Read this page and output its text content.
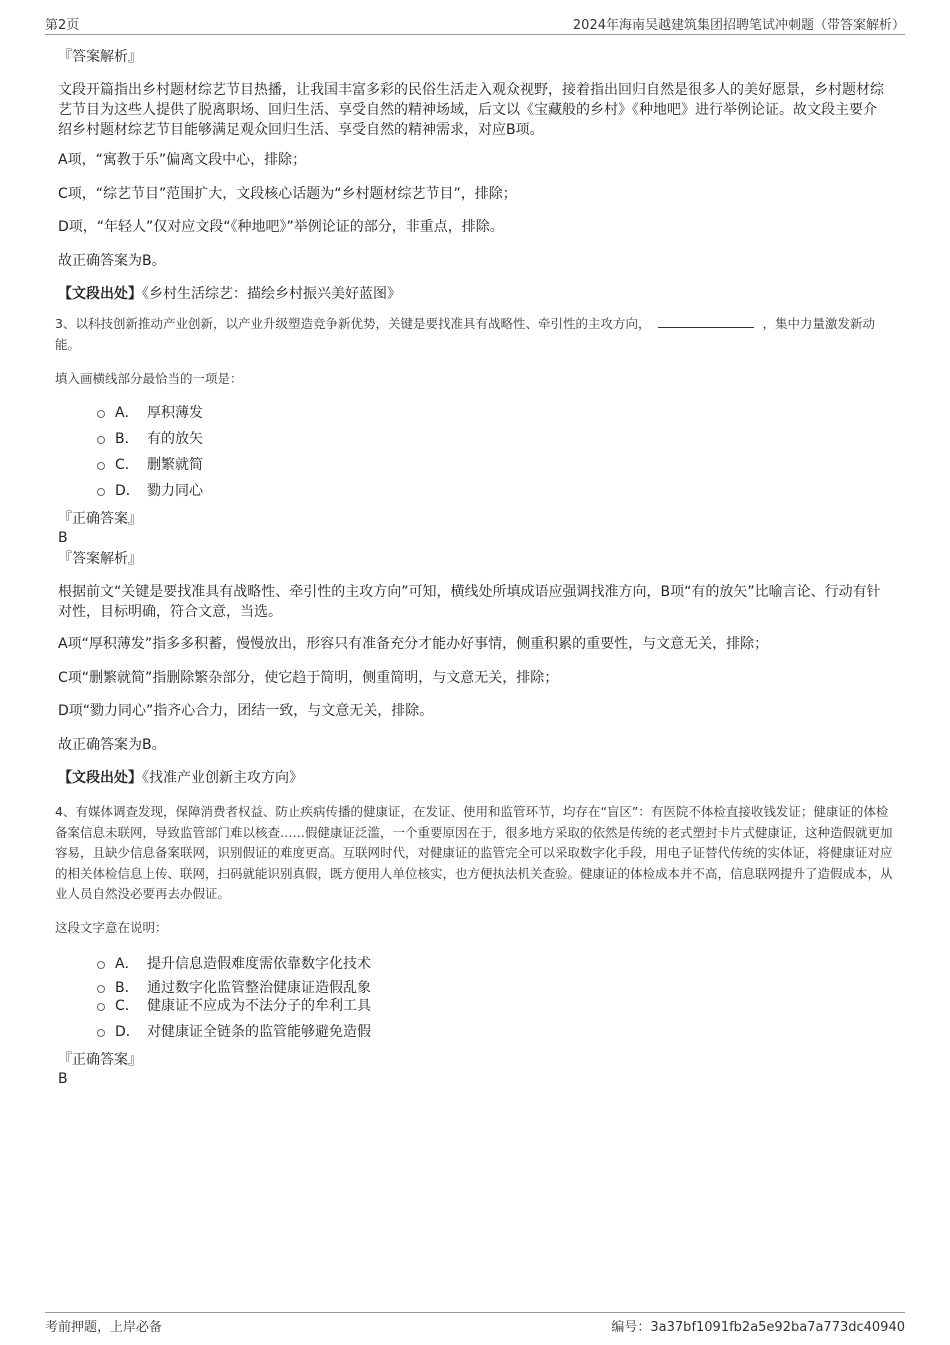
第2页	2024年海南吴越建筑集团招聘笔试冲刺题（带答案解析）
『答案解析』
文段开篇指出乡村题材综艺节目热播，让我国丰富多彩的民俗生活走入观众视野，接着指出回归自然是很多人的美好愿景，乡村题材综艺节目为这些人提供了脱离职场、回归生活、享受自然的精神场域，后文以《宝藏般的乡村》《种地吧》进行举例论证。故文段主要介绍乡村题材综艺节目能够满足观众回归生活、享受自然的精神需求，对应B项。
A项，“寓教于乐”偏离文段中心，排除；
C项，“综艺节目”范围扩大，文段核心话题为“乡村题材综艺节目”，排除；
D项，“年轻人”仅对应文段“《种地吧》”举例论证的部分，非重点，排除。
故正确答案为B。
【文段出处】《乡村生活综艺：描绘乡村振兴美好蓝图》
3、以科技创新推动产业创新，以产业升级塑造竞争新优势，关键是要找准具有战略性、牵引性的主攻方向，	，集中力量激发新动能。
填入画横线部分最恰当的一项是：
A． 厚积薄发
B． 有的放矢
C． 删繁就简
D． 勠力同心
『正确答案』
B
『答案解析』
根据前文“关键是要找准具有战略性、牵引性的主攻方向”可知，横线处所填成语应强调找准方向，B项“有的放矢”比喻言论、行动有针对性，目标明确，符合文意，当选。
A项“厚积薄发”指多多积蓄，慢慢放出，形容只有准备充分才能办好事情，侧重积累的重要性，与文意无关，排除；
C项“删繁就简”指删除繁杂部分，使它趋于简明，侧重简明，与文意无关，排除；
D项“勠力同心”指齐心合力，团结一致，与文意无关，排除。
故正确答案为B。
【文段出处】《找准产业创新主攻方向》
4、有媒体调查发现，保障消费者权益、防止疾病传播的健康证，在发证、使用和监管环节，均存在“盲区”：有医院不体检直接收钱发证；健康证的体检备案信息未联网，导致监管部门难以核查……假健康证泛滥，一个重要原因在于，很多地方采取的依然是传统的老式塑封卡片式健康证，这种造假就更加容易，且缺少信息备案联网，识别假证的难度更高。互联网时代，对健康证的监管完全可以采取数字化手段，用电子证替代传统的实体证，将健康证对应的相关体检信息上传、联网，扫码就能识别真假，既方便用人单位核实，也方便执法机关查验。健康证的体检成本并不高，信息联网提升了造假成本，从业人员自然没必要再去办假证。
这段文字意在说明：
A． 提升信息造假难度需依靠数字化技术
B． 通过数字化监管整治健康证造假乱象
C． 健康证不应成为不法分子的牟利工具
D． 对健康证全链条的监管能够避免造假
『正确答案』
B
考前押题，上岸必备	编号：3a37bf1091fb2a5e92ba7a773dc40940
